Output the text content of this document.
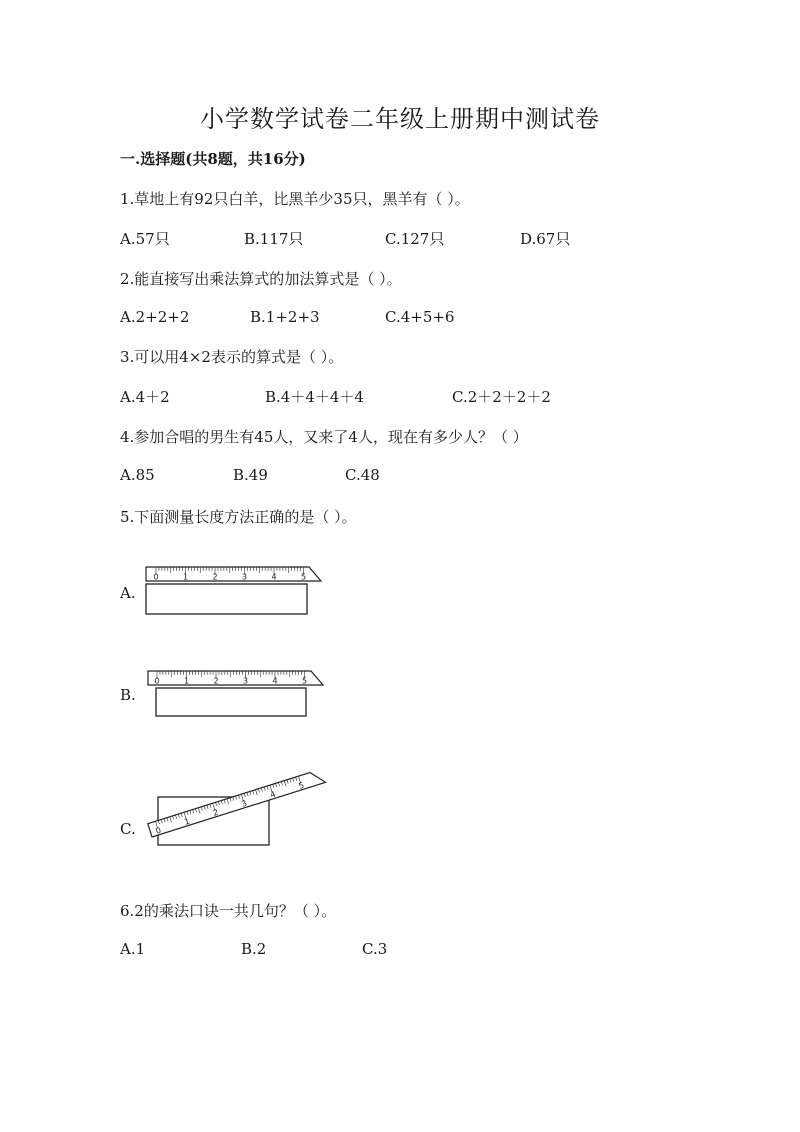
小学数学试卷二年级上册期中测试卷
一.选择题(共8题，共16分)
1.草地上有92只白羊，比黑羊少35只，黑羊有（ ）。
A.57只	B.117只	C.127只	D.67只
2.能直接写出乘法算式的加法算式是（ ）。
A.2+2+2	B.1+2+3	C.4+5+6
3.可以用4×2表示的算式是（ ）。
A.4＋2	B.4＋4＋4＋4	C.2＋2＋2＋2
4.参加合唱的男生有45人，又来了4人，现在有多少人？（ ）
A.85	B.49	C.48
5.下面测量长度方法正确的是（ ）。
A.
0	1	2	3	4	5
B.
0	1	2	3	4	5
C. 0
1
2
3
4
5
6.2的乘法口诀一共几句？（ ）。
A.1	B.2	C.3
